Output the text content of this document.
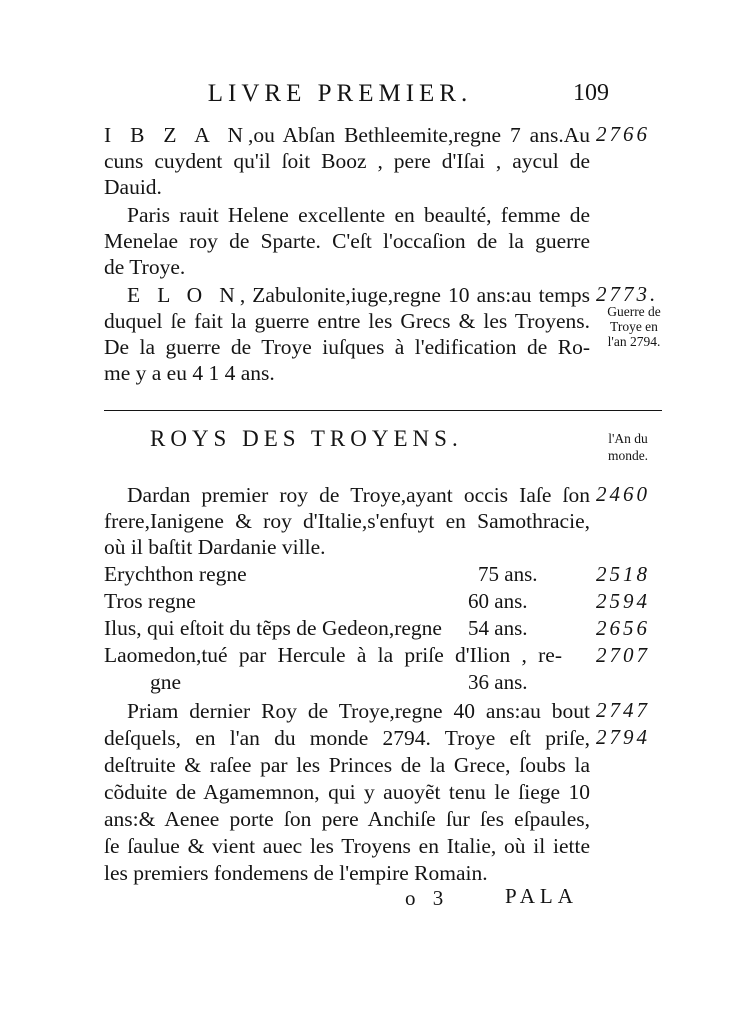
LIVRE PREMIER.	109
I B Z A N,ou Abſan Bethleemite,regne 7 ans.Au 2766
cuns cuydent qu'il ſoit Booz , pere d'Iſai , aycul de
Dauid.
Paris rauit Helene excellente en beaulté, femme de
Menelae roy de Sparte. C'eſt l'occaſion de la guerre
de Troye.
E L O N, Zabulonite,iuge,regne 10 ans:au temps 2773.
duquel ſe fait la guerre entre les Grecs & les Troyens.
De la guerre de Troye iuſques à l'edification de Ro-
me y a eu 4 1 4 ans.
Guerre de
Troye en
l'an 2794.
ROYS DES TROYENS.	l'An du
monde.
Dardan premier roy de Troye,ayant occis Iaſe ſon 2460
frere,Ianigene & roy d'Italie,s'enfuyt en Samothracie,
où il baſtit Dardanie ville.
Erychthon regne	75 ans.	2518
Tros regne	60 ans.	2594
Ilus, qui eſtoit du tẽps de Gedeon,regne 54 ans.	2656
Laomedon,tué par Hercule à la priſe d'Ilion , re- 2707
gne	36 ans.
Priam dernier Roy de Troye,regne 40 ans:au bout 2747
deſquels, en l'an du monde 2794. Troye eſt priſe, 2794
deſtruite & raſee par les Princes de la Grece, ſoubs la
cõduite de Agamemnon, qui y auoyẽt tenu le ſiege 10
ans:& Aenee porte ſon pere Anchiſe ſur ſes eſpaules,
ſe ſaulue & vient auec les Troyens en Italie, où il iette
les premiers fondemens de l'empire Romain.
o 3	PALA
